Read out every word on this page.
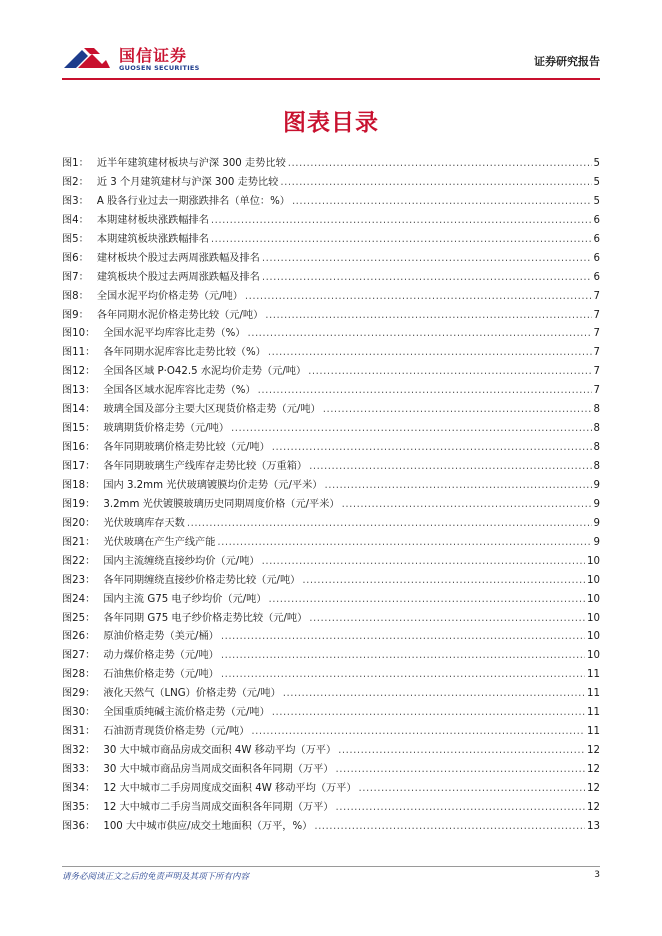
国信证券
GUOSEN SECURITIES	证券研究报告
图表目录
图1： 近半年建筑建材板块与沪深 300 走势比较 .....	5
图2： 近 3 个月建筑建材与沪深 300 走势比较 .....	5
图3： A 股各行业过去一期涨跌排名（单位：%） .....	5
图4： 本期建材板块涨跌幅排名 .....	6
图5： 本期建筑板块涨跌幅排名 .....	6
图6： 建材板块个股过去两周涨跌幅及排名 .....	6
图7： 建筑板块个股过去两周涨跌幅及排名 .....	6
图8： 全国水泥平均价格走势（元/吨） .....	7
图9： 各年同期水泥价格走势比较（元/吨） .....	7
图10： 全国水泥平均库容比走势（%） .....	7
图11： 各年同期水泥库容比走势比较（%） .....	7
图12： 全国各区域 P·O42.5 水泥均价走势（元/吨） .....	7
图13： 全国各区域水泥库容比走势（%） .....	7
图14： 玻璃全国及部分主要大区现货价格走势（元/吨） .....	8
图15： 玻璃期货价格走势（元/吨） .....	8
图16： 各年同期玻璃价格走势比较（元/吨） .....	8
图17： 各年同期玻璃生产线库存走势比较（万重箱） .....	8
图18： 国内 3.2mm 光伏玻璃镀膜均价走势（元/平米） .....	9
图19： 3.2mm 光伏镀膜玻璃历史同期周度价格（元/平米） .....	9
图20： 光伏玻璃库存天数 .....	9
图21： 光伏玻璃在产生产线产能 .....	9
图22： 国内主流缠绕直接纱均价（元/吨） .....	10
图23： 各年同期缠绕直接纱价格走势比较（元/吨） .....	10
图24： 国内主流 G75 电子纱均价（元/吨） .....	10
图25： 各年同期 G75 电子纱价格走势比较（元/吨） .....	10
图26： 原油价格走势（美元/桶） .....	10
图27： 动力煤价格走势（元/吨） .....	10
图28： 石油焦价格走势（元/吨） .....	11
图29： 液化天然气（LNG）价格走势（元/吨） .....	11
图30： 全国重质纯碱主流价格走势（元/吨） .....	11
图31： 石油沥青现货价格走势（元/吨） .....	11
图32： 30 大中城市商品房成交面积 4W 移动平均（万平） .....	12
图33： 30 大中城市商品房当周成交面积各年同期（万平） .....	12
图34： 12 大中城市二手房周度成交面积 4W 移动平均（万平） .....	12
图35： 12 大中城市二手房当周成交面积各年同期（万平） .....	12
图36： 100 大中城市供应/成交土地面积（万平，%） .....	13
请务必阅读正文之后的免责声明及其项下所有内容	3
